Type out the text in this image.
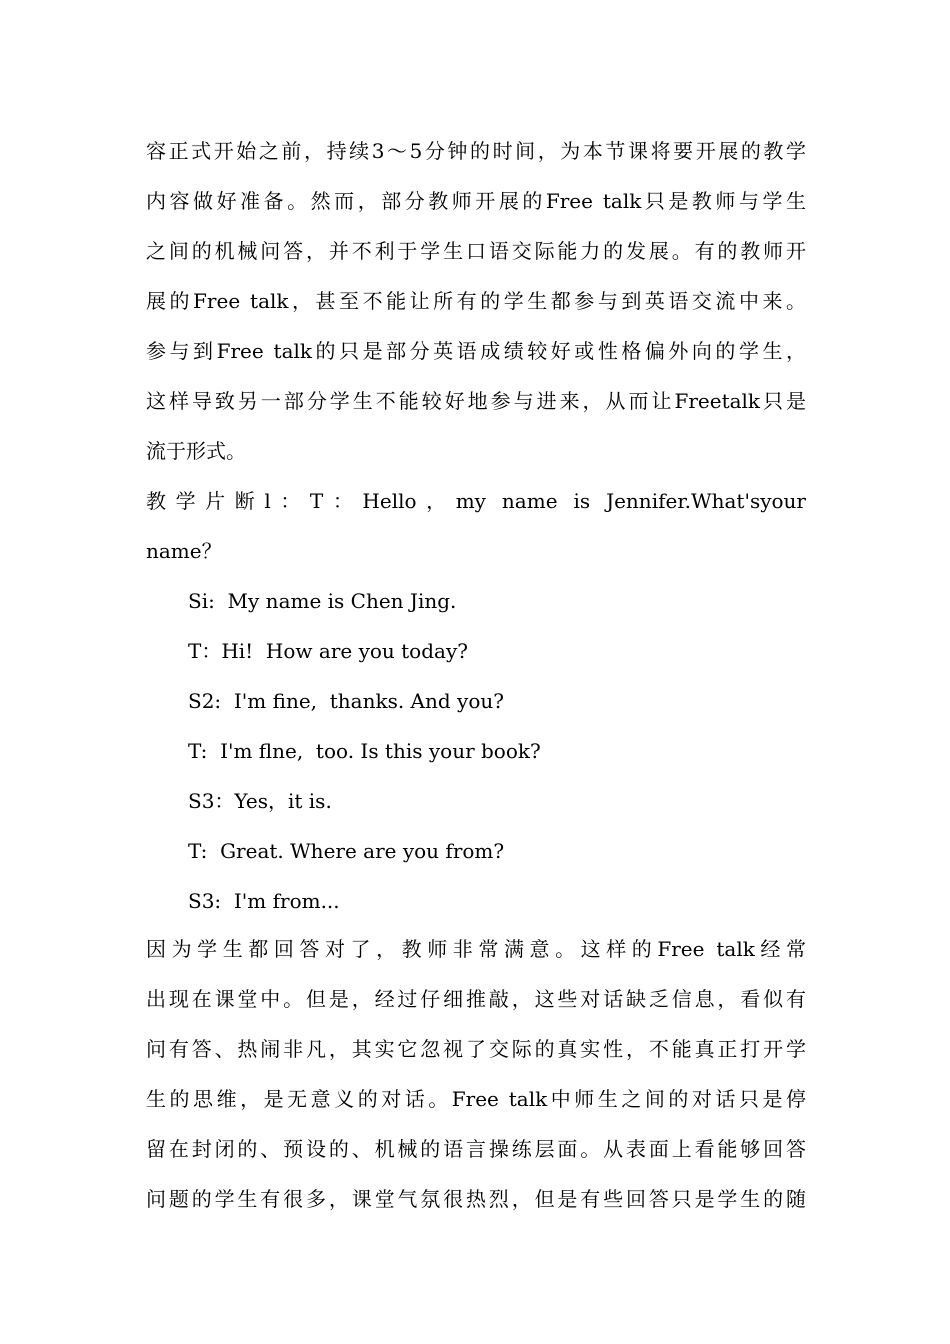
容正式开始之前，持续3～5分钟的时间，为本节课将要开展的教学
内容做好准备。然而，部分教师开展的Free talk只是教师与学生
之间的机械问答，并不利于学生口语交际能力的发展。有的教师开
展的Free talk，甚至不能让所有的学生都参与到英语交流中来。
参与到Free talk的只是部分英语成绩较好或性格偏外向的学生，
这样导致另一部分学生不能较好地参与进来，从而让Freetalk只是
流于形式。
教学片断l：T：Hello，my name is Jennifer.What'syour
name？
Si:  My name is Chen Jing.
T：Hi!  How are you today?
S2:  I'm fine,  thanks. And you?
T:  I'm flne,  too. Is this your book?
S3：Yes，it is.
T:  Great. Where are you from?
S3:  I'm from...
因为学生都回答对了，教师非常满意。这样的Free talk经常
出现在课堂中。但是，经过仔细推敲，这些对话缺乏信息，看似有
问有答、热闹非凡，其实它忽视了交际的真实性，不能真正打开学
生的思维，是无意义的对话。Free talk中师生之间的对话只是停
留在封闭的、预设的、机械的语言操练层面。从表面上看能够回答
问题的学生有很多，课堂气氛很热烈，但是有些回答只是学生的随
